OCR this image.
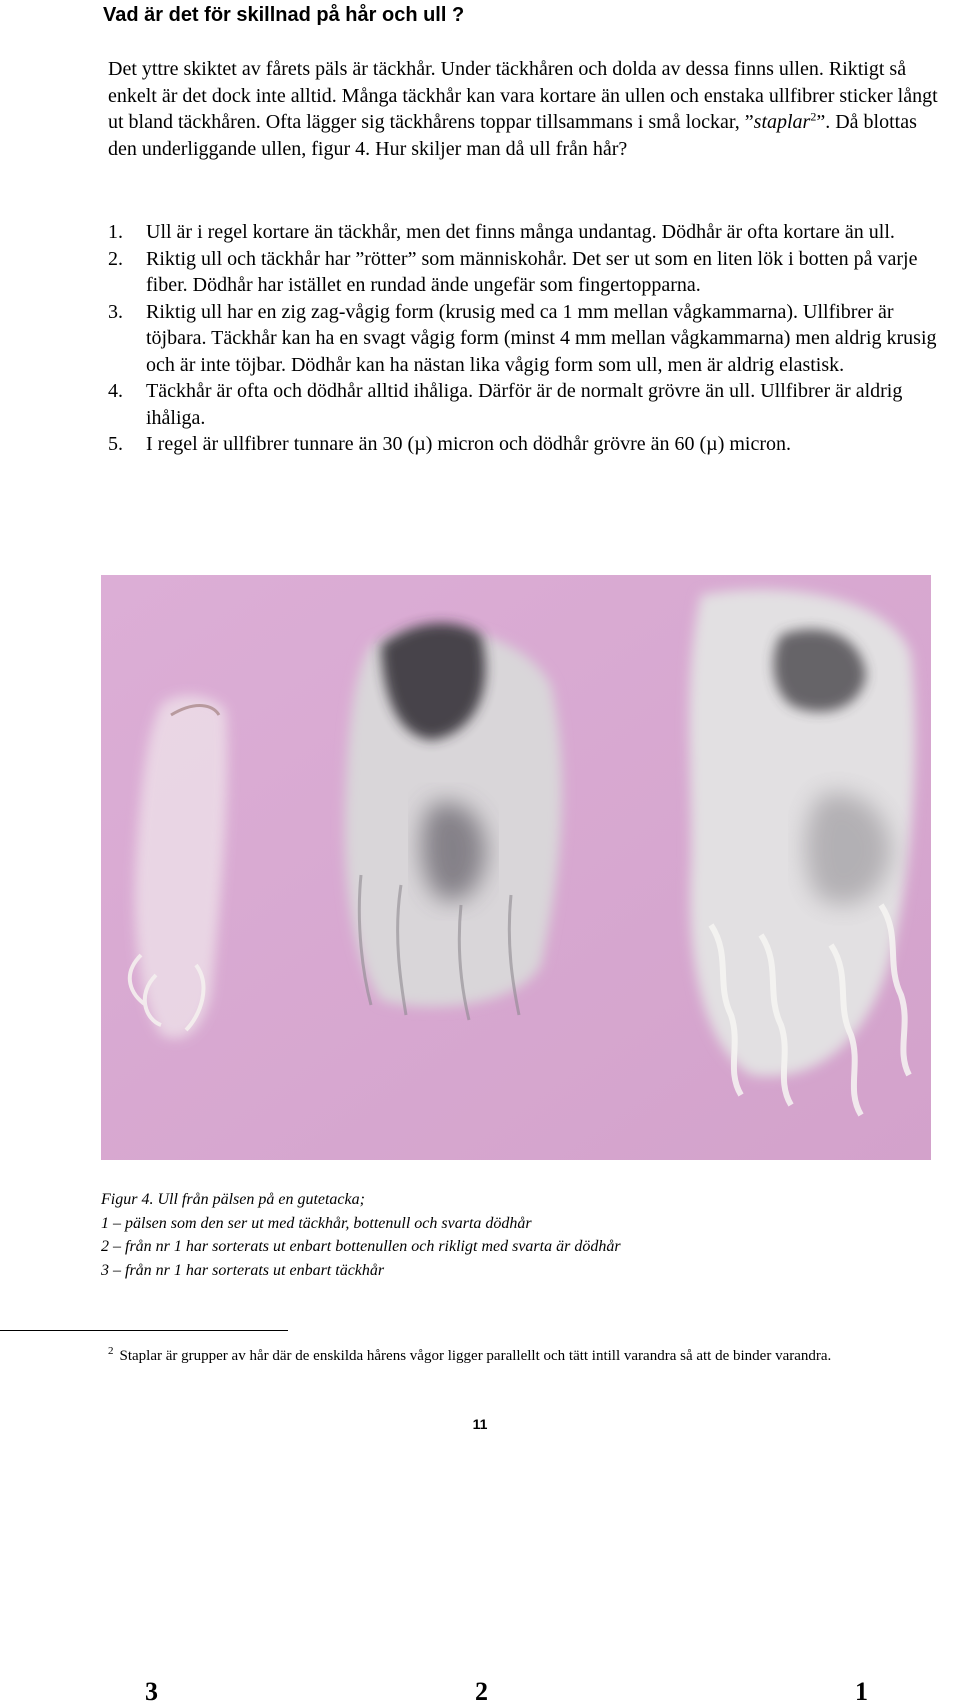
Vad är det för skillnad på hår och ull ?

Det yttre skiktet av fårets päls är täckhår. Under täckhåren och dolda av dessa finns ullen. Riktigt så enkelt är det dock inte alltid. Många täckhår kan vara kortare än ullen och enstaka ullfibrer sticker långt ut bland täckhåren. Ofta lägger sig täckhårens toppar tillsammans i små lockar, ”staplar$^2$”. Då blottas den underliggande ullen, figur 4. Hur skiljer man då ull från hår?

1. Ull är i regel kortare än täckhår, men det finns många undantag. Dödhår är ofta kortare än ull.
2. Riktig ull och täckhår har ”rötter” som människohår. Det ser ut som en liten lök i botten på varje fiber. Dödhår har istället en rundad ände ungefär som fingertopparna.
3. Riktig ull har en zig zag-vågig form (krusig med ca 1 mm mellan vågkammarna). Ullfibrer är töjbara. Täckhår kan ha en svagt vågig form (minst 4 mm mellan vågkammarna) men aldrig krusig och är inte töjbar. Dödhår kan ha nästan lika vågig form som ull, men är aldrig elastisk.
4. Täckhår är ofta och dödhår alltid ihåliga. Därför är de normalt grövre än ull. Ullfibrer är aldrig ihåliga.
5. I regel är ullfibrer tunnare än 30 (µ) micron och dödhår grövre än 60 (µ) micron.
3	2	1
Figur 4. Ull från pälsen på en gutetacka;
1 – pälsen som den ser ut med täckhår, bottenull och svarta dödhår
2 – från nr 1 har sorterats ut enbart bottenullen och rikligt med svarta är dödhår
3 – från nr 1 har sorterats ut enbart täckhår

$^2$ Staplar är grupper av hår där de enskilda hårens vågor ligger parallellt och tätt intill varandra så att de binder varandra.

11
